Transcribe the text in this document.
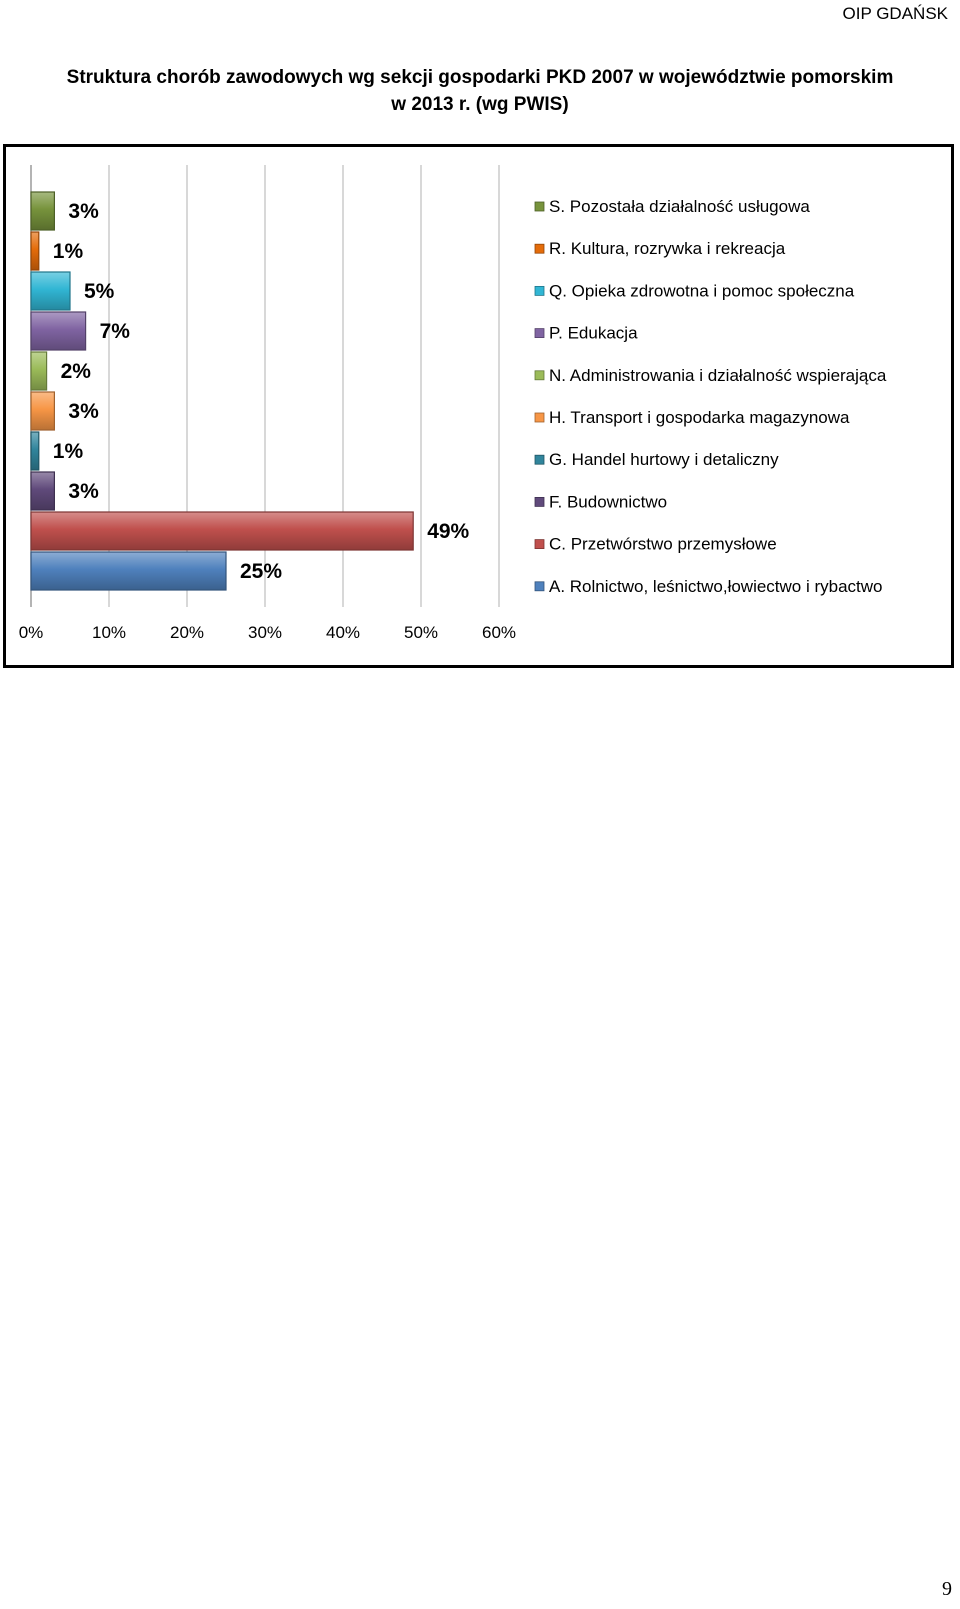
OIP GDAŃSK
Struktura chorób zawodowych wg sekcji gospodarki PKD 2007 w województwie pomorskim
w 2013 r. (wg PWIS)
3%
1%
5%
7%
2%
3%
1%
3%
49%
25%
0%	10%	20%	30%	40%	50%	60%
S. Pozostała działalność usługowa
R. Kultura, rozrywka i rekreacja
Q. Opieka zdrowotna i pomoc społeczna
P. Edukacja
N. Administrowania i działalność wspierająca
H. Transport i gospodarka magazynowa
G. Handel hurtowy i detaliczny
F. Budownictwo
C. Przetwórstwo przemysłowe
A. Rolnictwo, leśnictwo,łowiectwo i rybactwo
9
